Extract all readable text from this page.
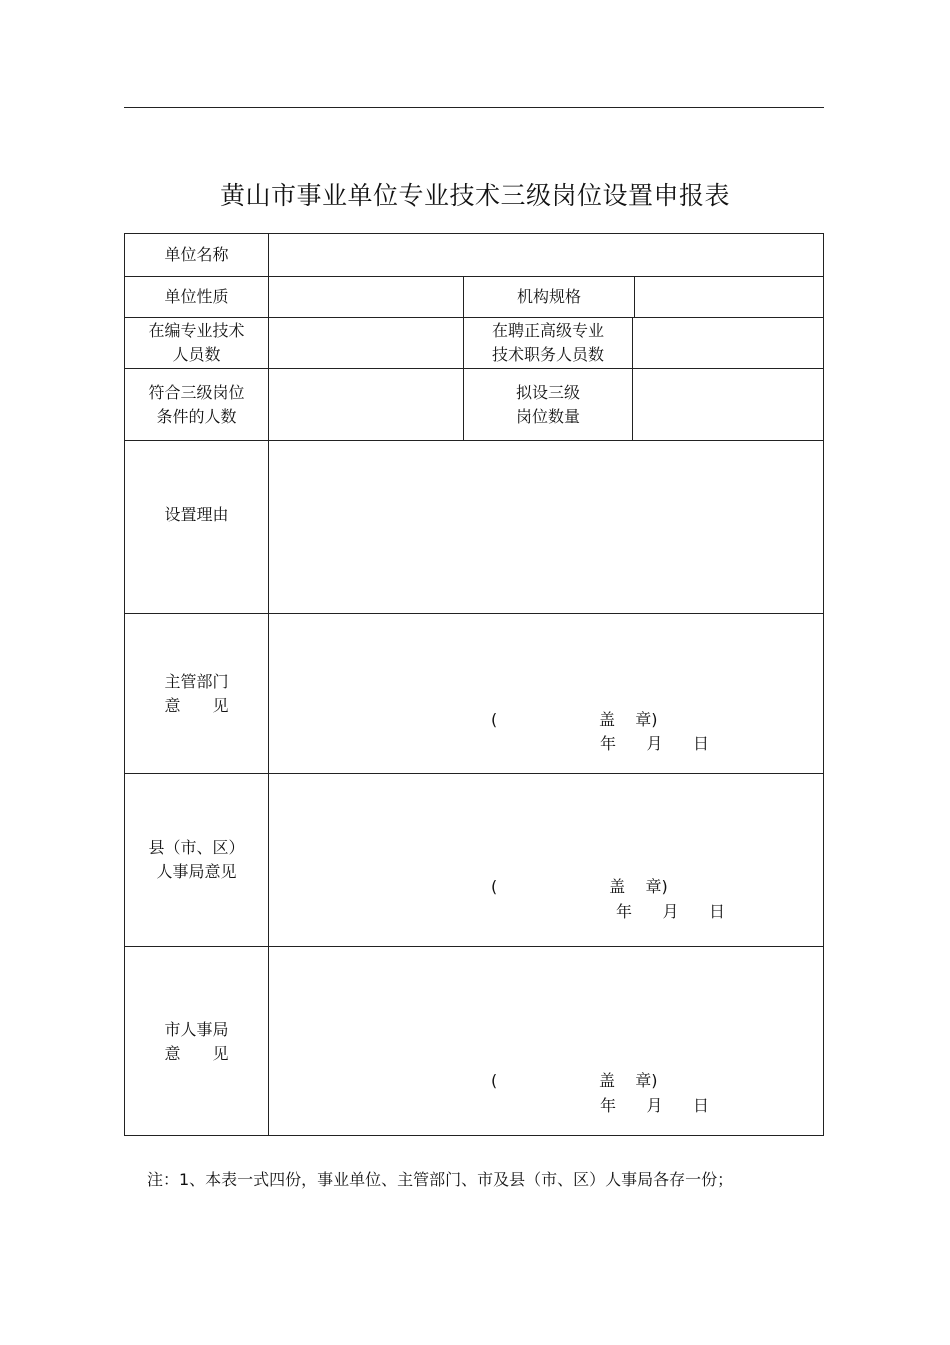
黄山市事业单位专业技术三级岗位设置申报表
单位名称
单位性质	机构规格
在编专业技术
人员数
在聘正高级专业
技术职务人员数
符合三级岗位
条件的人数
拟设三级
岗位数量
设置理由
主管部门
意见
(                    盖    章)
年      月      日
县（市、区）
人事局意见
(                      盖    章)
年      月      日
市人事局
意见
(                    盖    章)
年      月      日
注：1、本表一式四份，事业单位、主管部门、市及县（市、区）人事局各存一份；
